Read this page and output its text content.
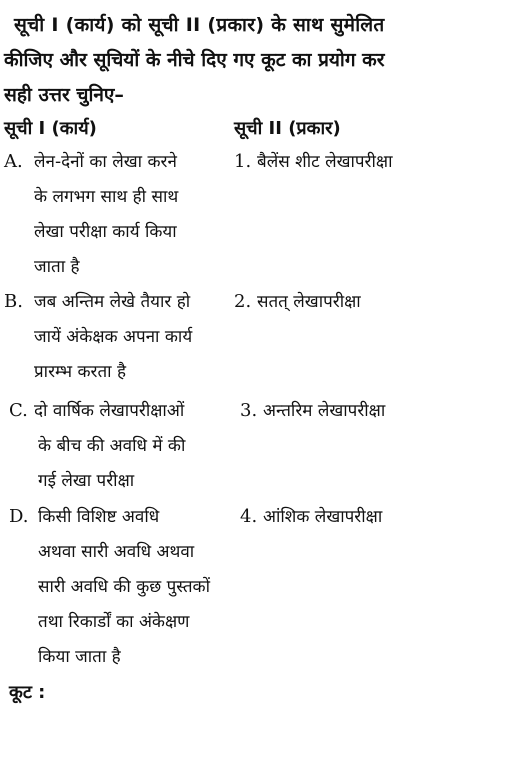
सूची I (कार्य) को सूची II (प्रकार) के साथ सुमेलित
कीजिए और सूचियों के नीचे दिए गए कूट का प्रयोग कर
सही उत्तर चुनिए–
सूची I (कार्य)	सूची II (प्रकार)
A. लेन-देनों का लेखा करने
के लगभग साथ ही साथ
लेखा परीक्षा कार्य किया
जाता है
1. बैलेंस शीट लेखापरीक्षा
B. जब अन्तिम लेखे तैयार हो
जायें अंकेक्षक अपना कार्य
प्रारम्भ करता है
2. सतत् लेखापरीक्षा
C. दो वार्षिक लेखापरीक्षाओं
के बीच की अवधि में की
गई लेखा परीक्षा
3. अन्तरिम लेखापरीक्षा
D. किसी विशिष्ट अवधि
अथवा सारी अवधि अथवा
सारी अवधि की कुछ पुस्तकों
तथा रिकार्डों का अंकेक्षण
किया जाता है
4. आंशिक लेखापरीक्षा
कूट :
